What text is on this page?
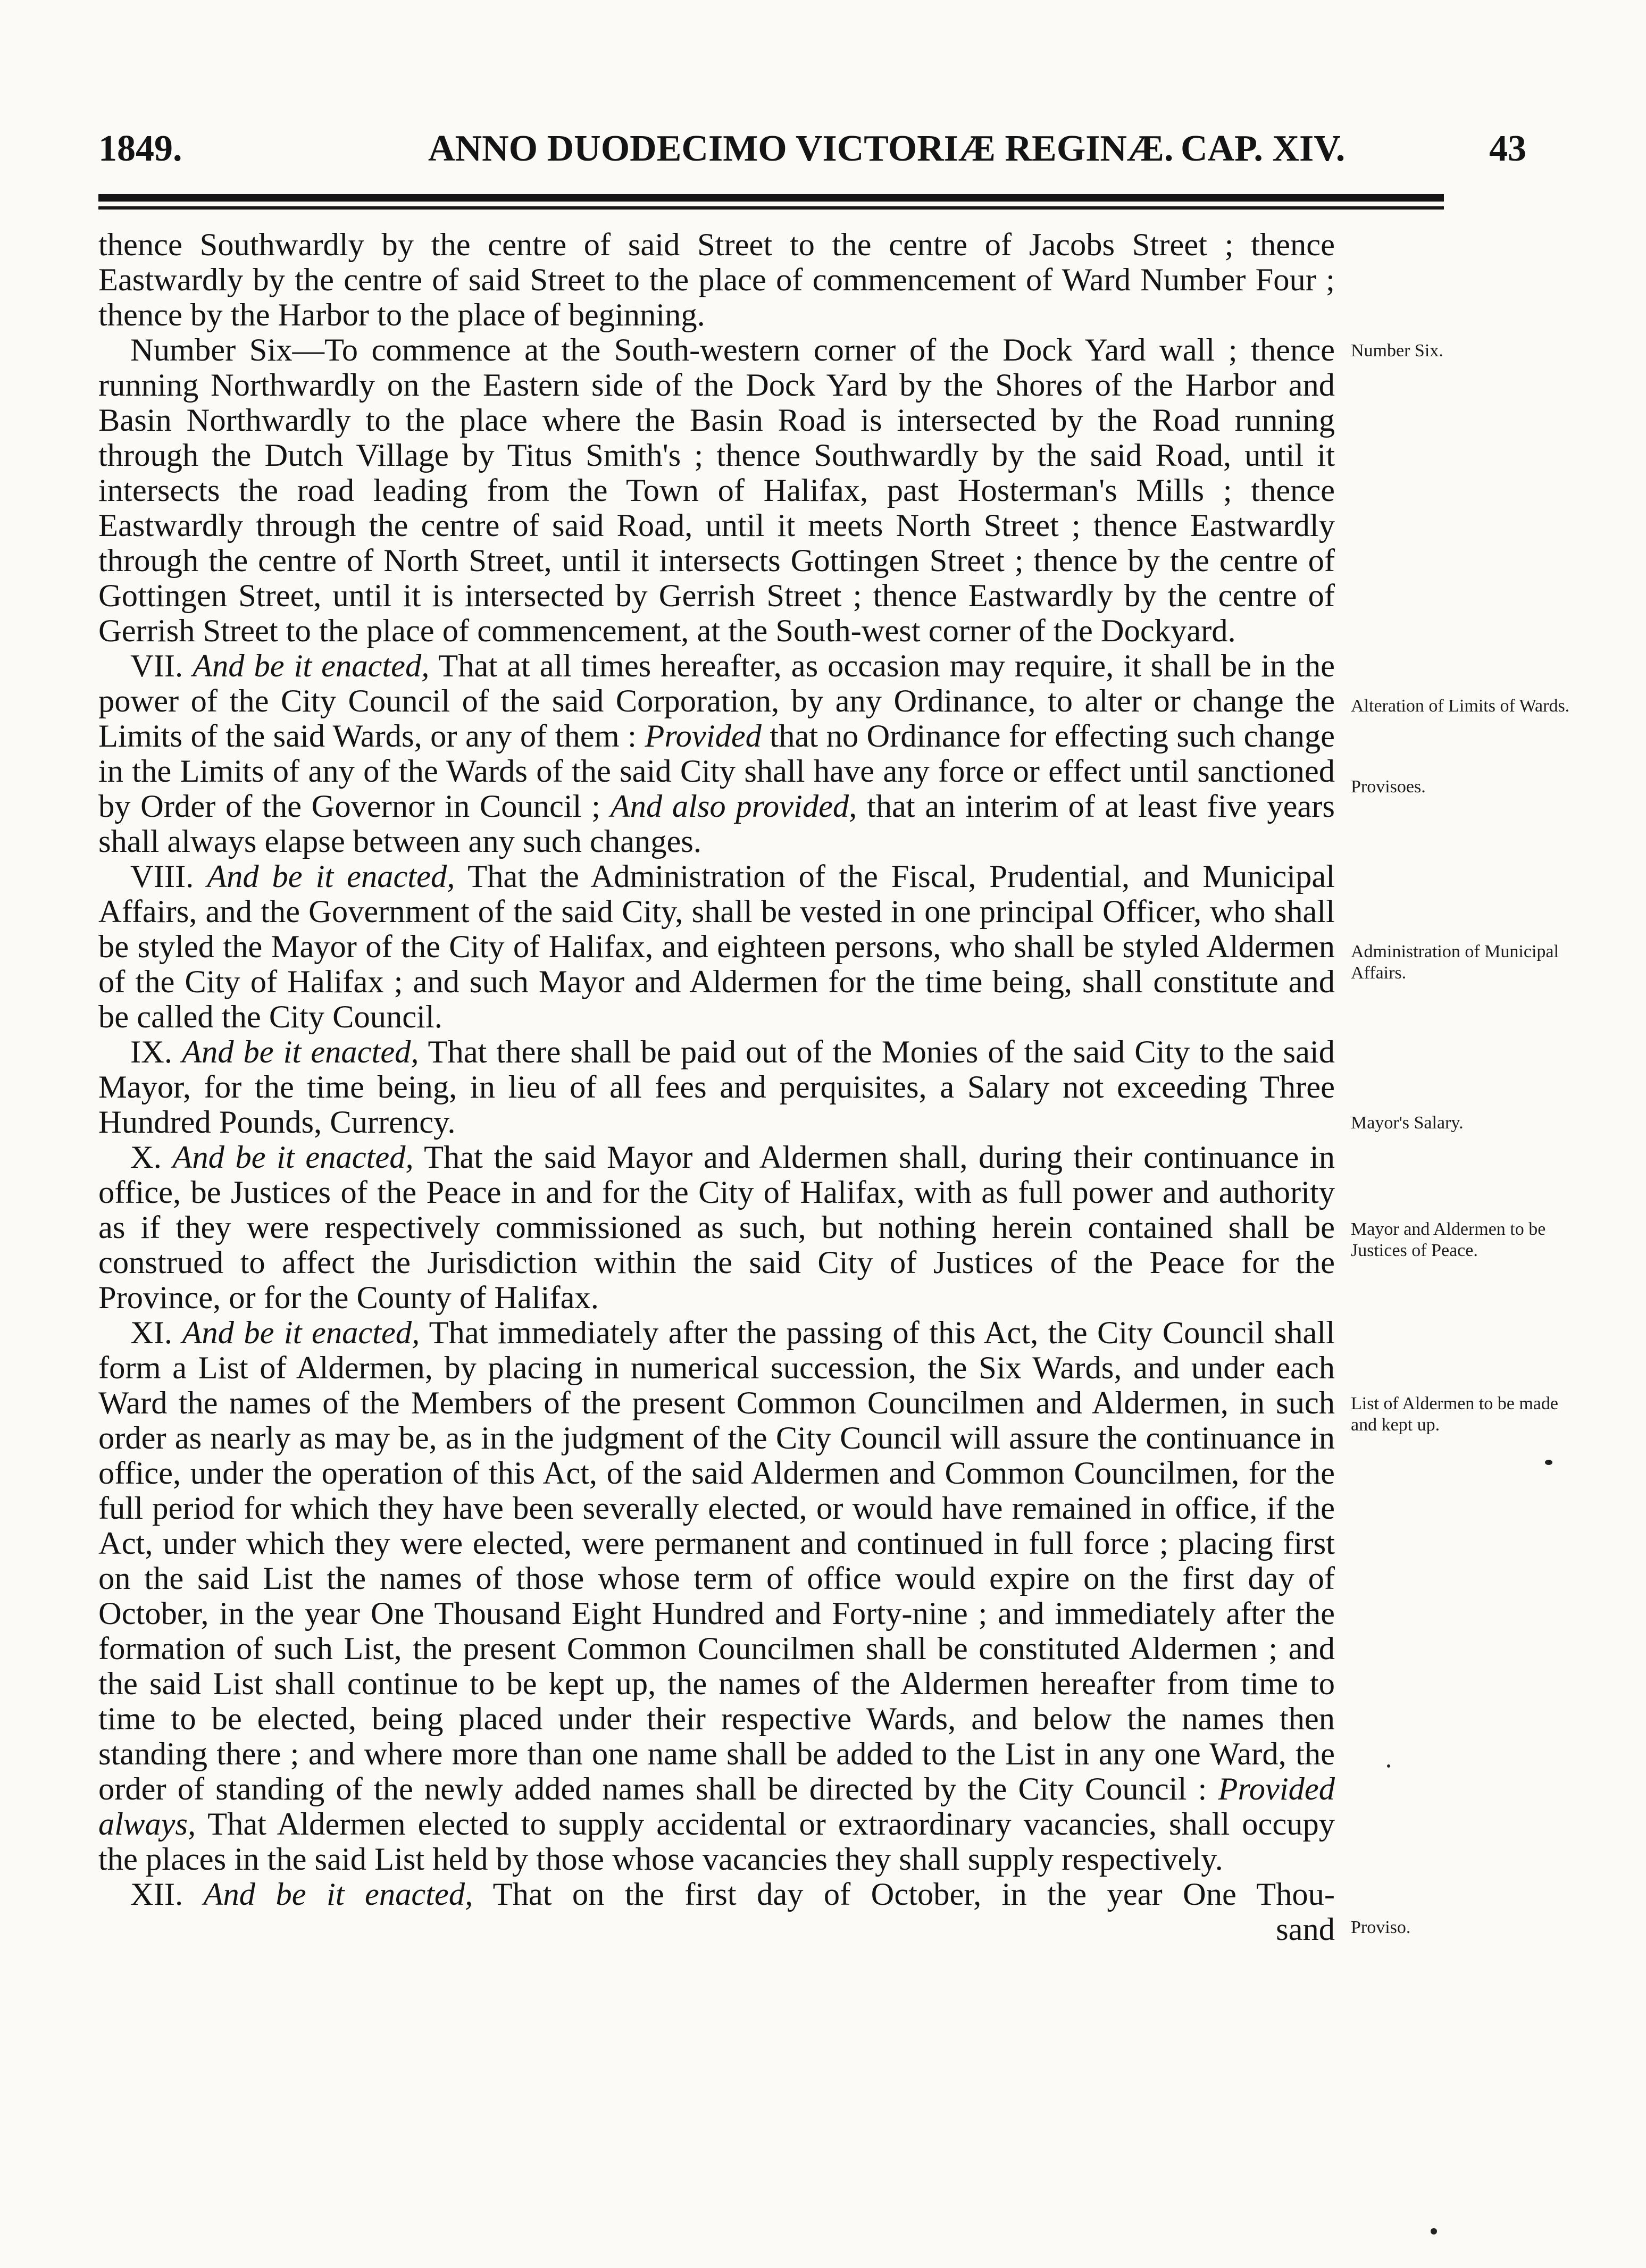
1849.	ANNO DUODECIMO VICTORIÆ REGINÆ. CAP. XIV.	43

thence Southwardly by the centre of said Street to the centre of Jacobs Street ; thence Eastwardly by the centre of said Street to the place of commencement of Ward Number Four ; thence by the Harbor to the place of beginning.

Number Six—To commence at the South-western corner of the Dock Yard wall ; thence running Northwardly on the Eastern side of the Dock Yard by the Shores of the Harbor and Basin Northwardly to the place where the Basin Road is intersected by the Road running through the Dutch Village by Titus Smith's ; thence Southwardly by the said Road, until it intersects the road leading from the Town of Halifax, past Hosterman's Mills ; thence Eastwardly through the centre of said Road, until it meets North Street ; thence Eastwardly through the centre of North Street, until it intersects Gottingen Street ; thence by the centre of Gottingen Street, until it is intersected by Gerrish Street ; thence Eastwardly by the centre of Gerrish Street to the place of commencement, at the South-west corner of the Dockyard.

VII. And be it enacted, That at all times hereafter, as occasion may require, it shall be in the power of the City Council of the said Corporation, by any Ordinance, to alter or change the Limits of the said Wards, or any of them : Provided that no Ordinance for effecting such change in the Limits of any of the Wards of the said City shall have any force or effect until sanctioned by Order of the Governor in Council ; And also provided, that an interim of at least five years shall always elapse between any such changes.

VIII. And be it enacted, That the Administration of the Fiscal, Prudential, and Municipal Affairs, and the Government of the said City, shall be vested in one principal Officer, who shall be styled the Mayor of the City of Halifax, and eighteen persons, who shall be styled Aldermen of the City of Halifax ; and such Mayor and Aldermen for the time being, shall constitute and be called the City Council.

IX. And be it enacted, That there shall be paid out of the Monies of the said City to the said Mayor, for the time being, in lieu of all fees and perquisites, a Salary not exceeding Three Hundred Pounds, Currency.

X. And be it enacted, That the said Mayor and Aldermen shall, during their continuance in office, be Justices of the Peace in and for the City of Halifax, with as full power and authority as if they were respectively commissioned as such, but nothing herein contained shall be construed to affect the Jurisdiction within the said City of Justices of the Peace for the Province, or for the County of Halifax.

XI. And be it enacted, That immediately after the passing of this Act, the City Council shall form a List of Aldermen, by placing in numerical succession, the Six Wards, and under each Ward the names of the Members of the present Common Councilmen and Aldermen, in such order as nearly as may be, as in the judgment of the City Council will assure the continuance in office, under the operation of this Act, of the said Aldermen and Common Councilmen, for the full period for which they have been severally elected, or would have remained in office, if the Act, under which they were elected, were permanent and continued in full force ; placing first on the said List the names of those whose term of office would expire on the first day of October, in the year One Thousand Eight Hundred and Forty-nine ; and immediately after the formation of such List, the present Common Councilmen shall be constituted Aldermen ; and the said List shall continue to be kept up, the names of the Aldermen hereafter from time to time to be elected, being placed under their respective Wards, and below the names then standing there ; and where more than one name shall be added to the List in any one Ward, the order of standing of the newly added names shall be directed by the City Council : Provided always, That Aldermen elected to supply accidental or extraordinary vacancies, shall occupy the places in the said List held by those whose vacancies they shall supply respectively.

XII. And be it enacted, That on the first day of October, in the year One Thou-

sand
Number Six.
Alteration of Limits of Wards.
Provisoes.
Administration of Municipal Affairs.
Mayor's Salary.
Mayor and Aldermen to be Justices of Peace.
List of Aldermen to be made and kept up.
Proviso.
